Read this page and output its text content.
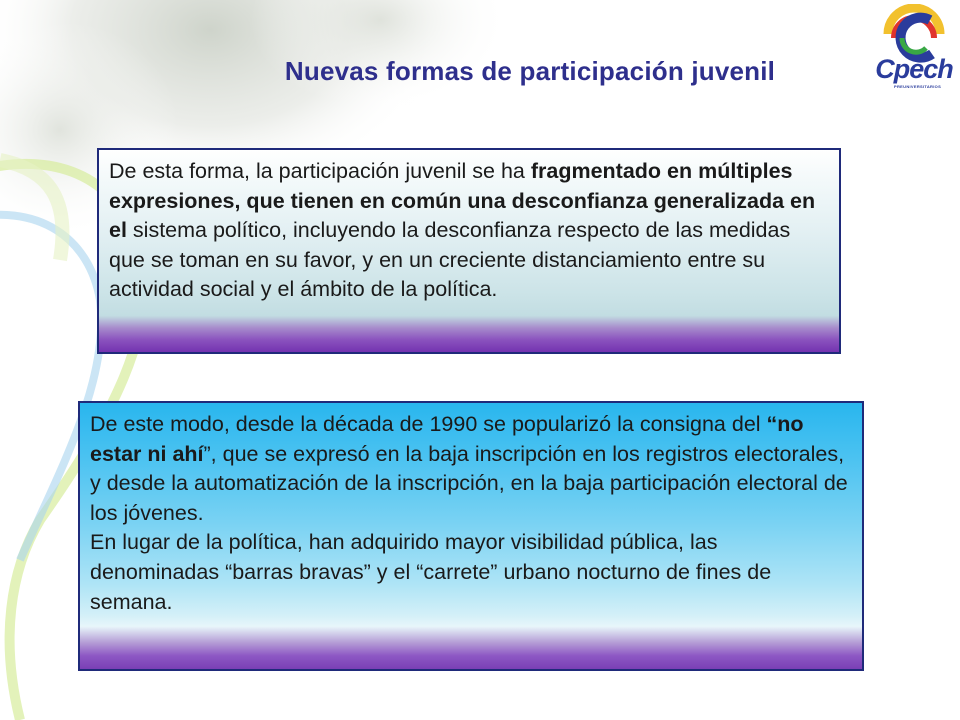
Nuevas formas de participación juvenil	Cpech
PREUNIVERSITARIOS

De esta forma, la participación juvenil se ha fragmentado en múltiples expresiones, que tienen en común una desconfianza generalizada en el sistema político, incluyendo la desconfianza respecto de las medidas que se toman en su favor, y en un creciente distanciamiento entre su actividad social y el ámbito de la política.

De este modo, desde la década de 1990 se popularizó la consigna del “no estar ni ahí”, que se expresó en la baja inscripción en los registros electorales, y desde la automatización de la inscripción, en la baja participación electoral de los jóvenes.

En lugar de la política, han adquirido mayor visibilidad pública, las denominadas “barras bravas” y el “carrete” urbano nocturno de fines de semana.
